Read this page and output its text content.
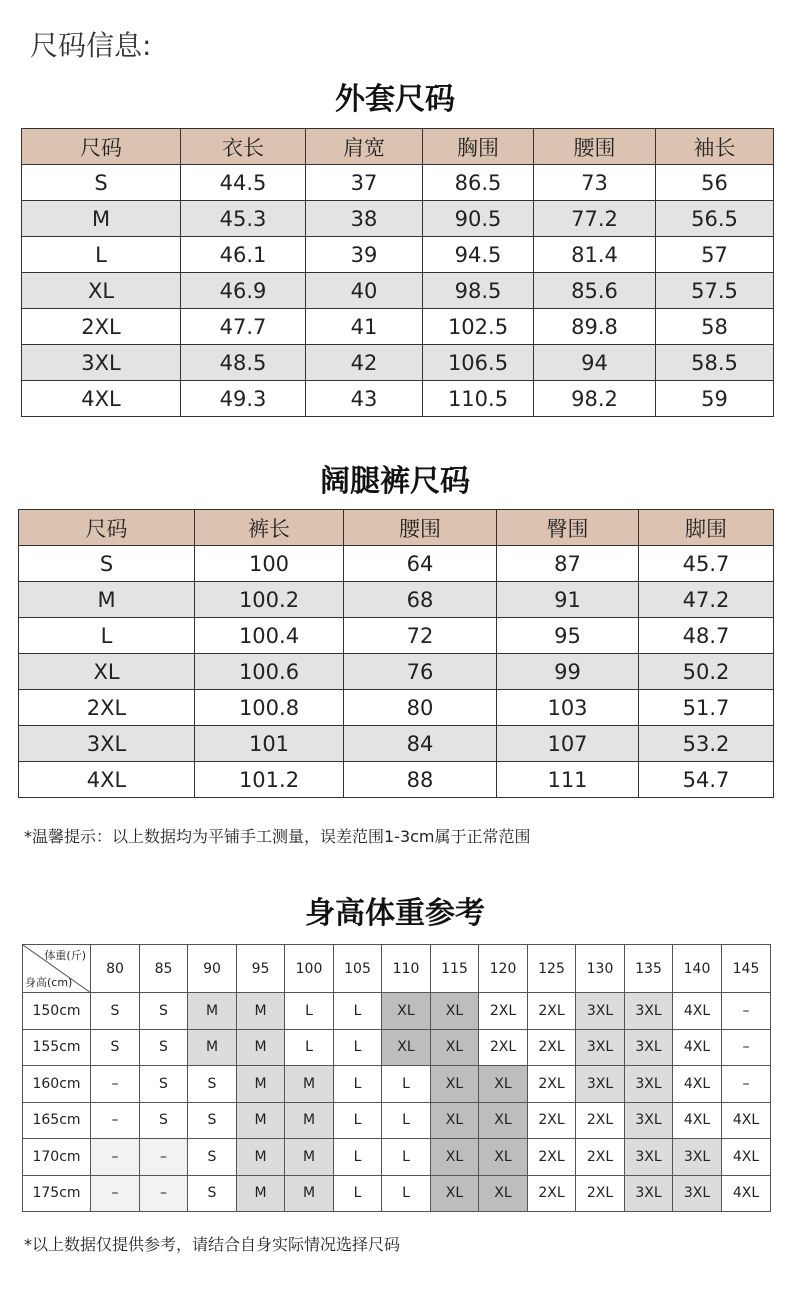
尺码信息:
外套尺码
尺码	衣长	肩宽	胸围	腰围	袖长
S	44.5	37	86.5	73	56
M	45.3	38	90.5	77.2	56.5
L	46.1	39	94.5	81.4	57
XL	46.9	40	98.5	85.6	57.5
2XL	47.7	41	102.5	89.8	58
3XL	48.5	42	106.5	94	58.5
4XL	49.3	43	110.5	98.2	59
阔腿裤尺码
尺码	裤长	腰围	臀围	脚围
S	100	64	87	45.7
M	100.2	68	91	47.2
L	100.4	72	95	48.7
XL	100.6	76	99	50.2
2XL	100.8	80	103	51.7
3XL	101	84	107	53.2
4XL	101.2	88	111	54.7
*温馨提示：以上数据均为平铺手工测量，误差范围1-3cm属于正常范围
身高体重参考
体重(斤)
身高(cm)	80	85	90	95	100	105	110	115	120	125	130	135	140	145
150cm	S	S	M	M	L	L	XL	XL	2XL	2XL	3XL	3XL	4XL	–
155cm	S	S	M	M	L	L	XL	XL	2XL	2XL	3XL	3XL	4XL	–
160cm	–	S	S	M	M	L	L	XL	XL	2XL	3XL	3XL	4XL	–
165cm	–	S	S	M	M	L	L	XL	XL	2XL	2XL	3XL	4XL	4XL
170cm	–	–	S	M	M	L	L	XL	XL	2XL	2XL	3XL	3XL	4XL
175cm	–	–	S	M	M	L	L	XL	XL	2XL	2XL	3XL	3XL	4XL
*以上数据仅提供参考，请结合自身实际情况选择尺码
